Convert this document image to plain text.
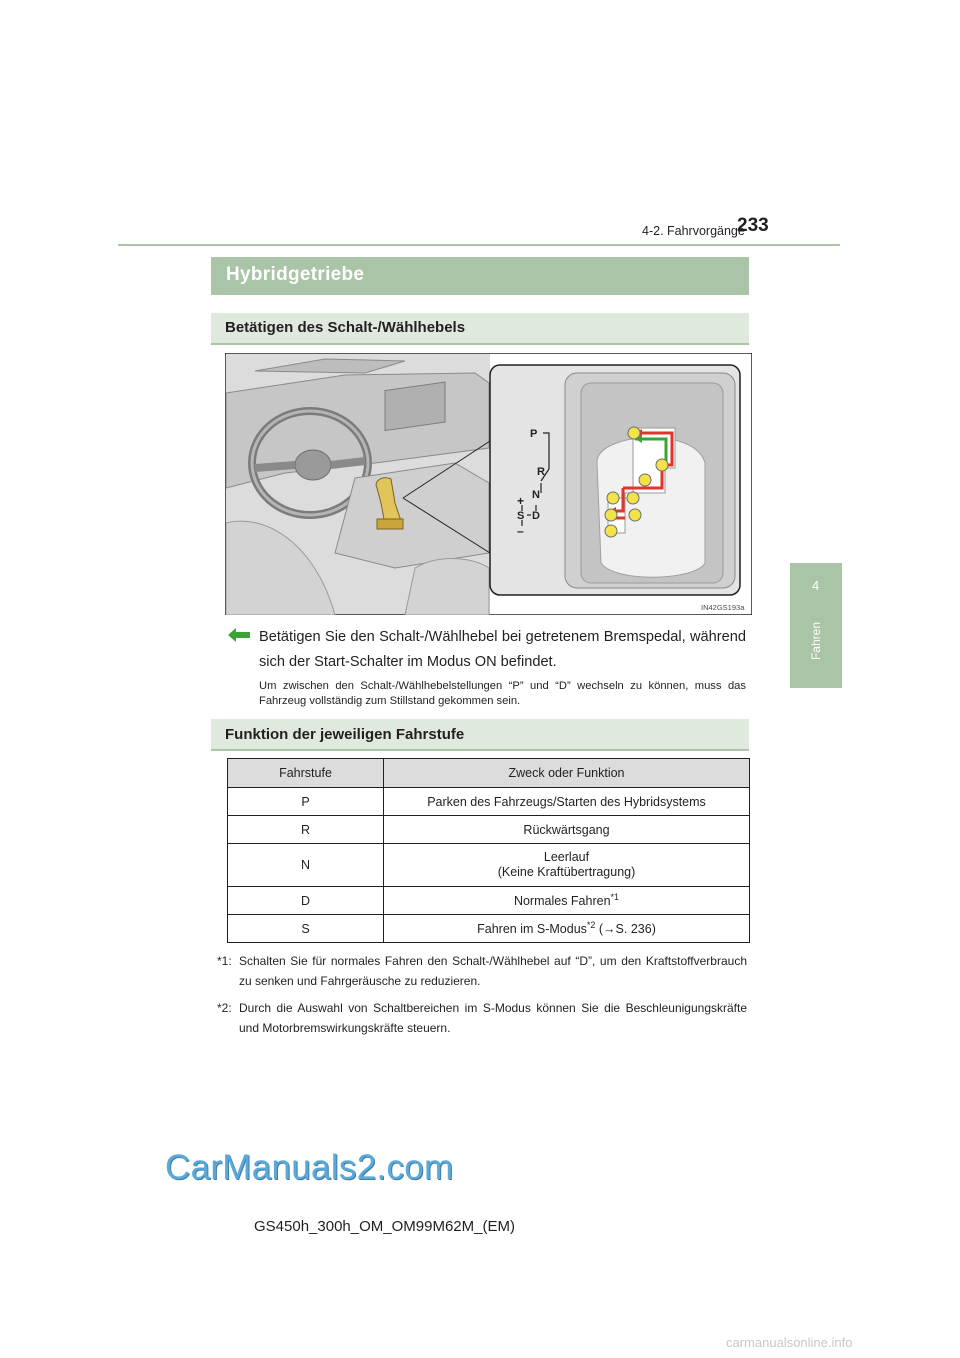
4-2. Fahrvorgänge
233
4
Fahren
Hybridgetriebe
Betätigen des Schalt-/Wählhebels
P
R
N
+
S D
–
IN42GS193a
Betätigen Sie den Schalt-/Wählhebel bei getretenem Bremspedal, während sich der Start-Schalter im Modus ON befindet.
Um zwischen den Schalt-/Wählhebelstellungen “P” und “D” wechseln zu können, muss das Fahrzeug vollständig zum Stillstand gekommen sein.
Funktion der jeweiligen Fahrstufe
Fahrstufe	Zweck oder Funktion
P	Parken des Fahrzeugs/Starten des Hybridsystems
R	Rückwärtsgang
N	Leerlauf
(Keine Kraftübertragung)
D	Normales Fahren$^{*1}$
S	Fahren im S-Modus$^{*2}$ (→S. 236)
*1: Schalten Sie für normales Fahren den Schalt-/Wählhebel auf “D”, um den Kraftstoffverbrauch zu senken und Fahrgeräusche zu reduzieren.
*2: Durch die Auswahl von Schaltbereichen im S-Modus können Sie die Beschleunigungskräfte und Motorbremswirkungskräfte steuern.
CarManuals2.com
GS450h_300h_OM_OM99M62M_(EM)
carmanualsonline.info
